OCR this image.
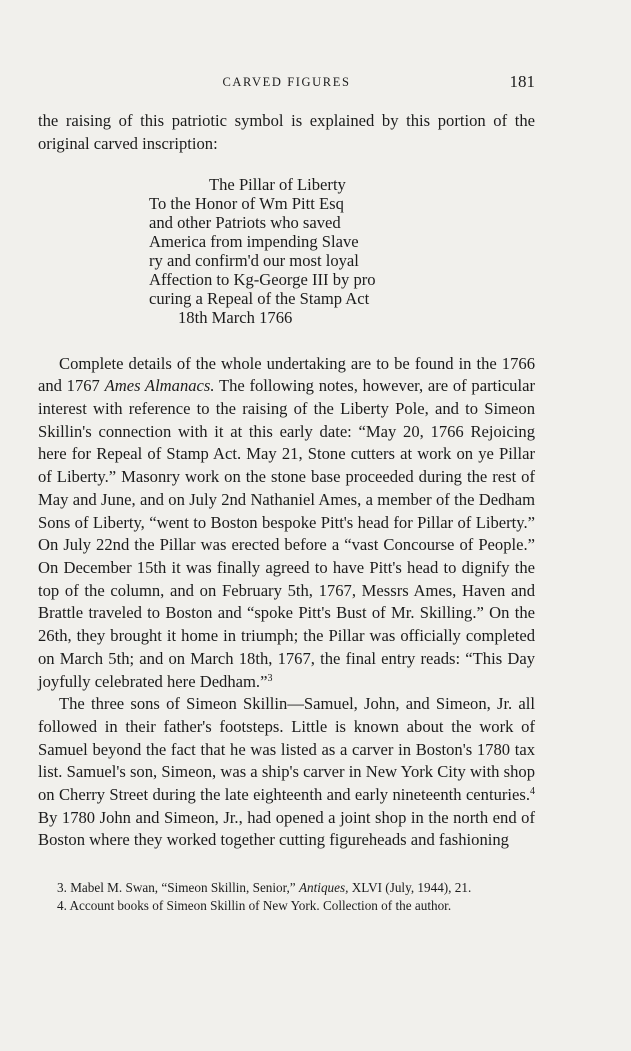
CARVED FIGURES	181

the raising of this patriotic symbol is explained by this portion of the original carved inscription:

The Pillar of Liberty
To the Honor of Wm Pitt Esq
and other Patriots who saved
America from impending Slave
ry and confirm'd our most loyal
Affection to Kg-George III by pro
curing a Repeal of the Stamp Act
18th March 1766

Complete details of the whole undertaking are to be found in the 1766 and 1767 Ames Almanacs. The following notes, however, are of particular interest with reference to the raising of the Liberty Pole, and to Simeon Skillin's connection with it at this early date: “May 20, 1766 Rejoicing here for Repeal of Stamp Act. May 21, Stone cutters at work on ye Pillar of Liberty.” Masonry work on the stone base proceeded during the rest of May and June, and on July 2nd Nathaniel Ames, a member of the Dedham Sons of Liberty, “went to Boston bespoke Pitt's head for Pillar of Liberty.” On July 22nd the Pillar was erected before a “vast Concourse of People.” On December 15th it was finally agreed to have Pitt's head to dignify the top of the column, and on February 5th, 1767, Messrs Ames, Haven and Brattle traveled to Boston and “spoke Pitt's Bust of Mr. Skilling.” On the 26th, they brought it home in triumph; the Pillar was officially completed on March 5th; and on March 18th, 1767, the final entry reads: “This Day joyfully celebrated here Dedham.”$^3$

The three sons of Simeon Skillin—Samuel, John, and Simeon, Jr. all followed in their father's footsteps. Little is known about the work of Samuel beyond the fact that he was listed as a carver in Boston's 1780 tax list. Samuel's son, Simeon, was a ship's carver in New York City with shop on Cherry Street during the late eighteenth and early nineteenth centuries.$^4$ By 1780 John and Simeon, Jr., had opened a joint shop in the north end of Boston where they worked together cutting figureheads and fashioning

3. Mabel M. Swan, “Simeon Skillin, Senior,” Antiques, XLVI (July, 1944), 21.

4. Account books of Simeon Skillin of New York. Collection of the author.
